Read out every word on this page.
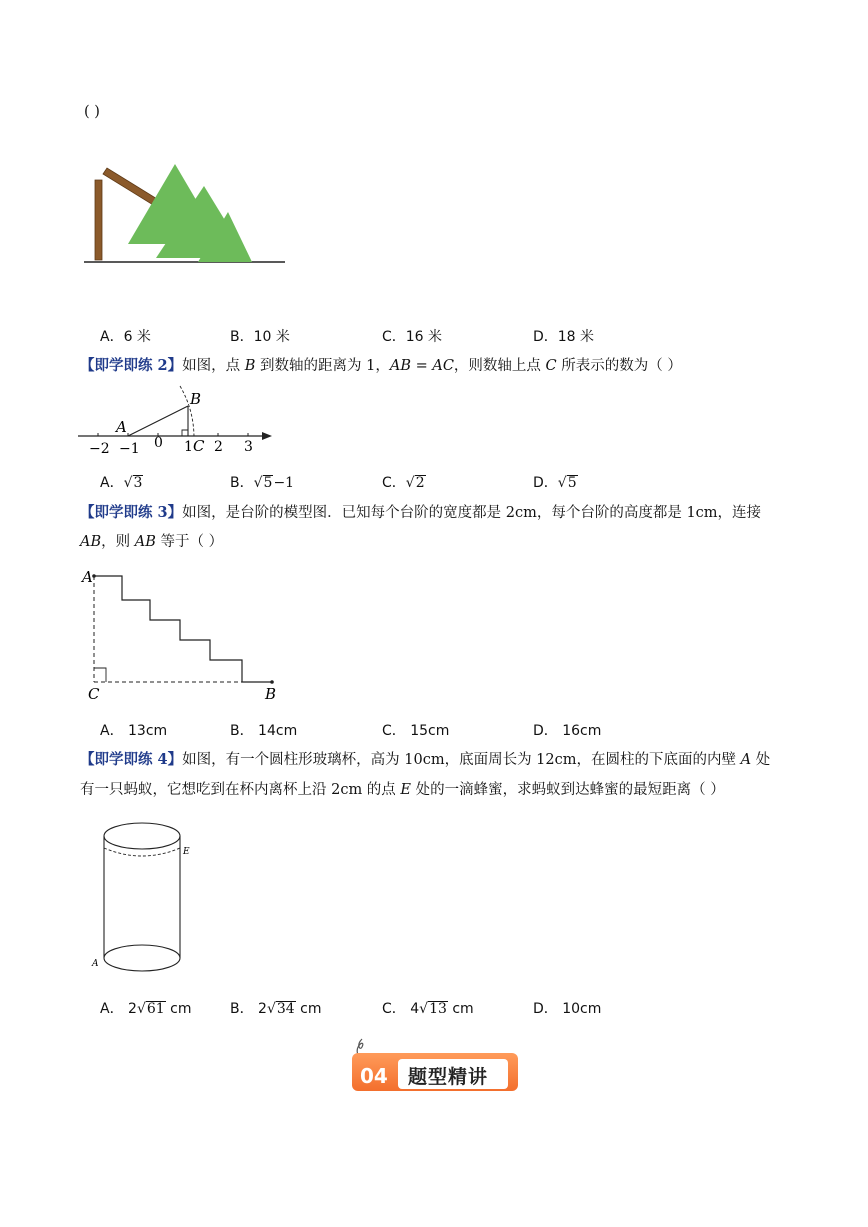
( )
A．6 米	B．10 米	C．16 米	D．18 米
【即学即练 2】如图，点 B 到数轴的距离为 1，AB = AC，则数轴上点 C 所表示的数为（ ）
A
B
C
−2 −1 0 1 2 3
A．√3	B．√5−1	C．√2	D．√5
【即学即练 3】如图，是台阶的模型图．已知每个台阶的宽度都是 2cm，每个台阶的高度都是 1cm，连接
AB，则 AB 等于（ ）
A
C	B
A． 13cm	B． 14cm	C． 15cm	D． 16cm
【即学即练 4】如图，有一个圆柱形玻璃杯，高为 10cm，底面周长为 12cm，在圆柱的下底面的内壁 A 处
有一只蚂蚁，它想吃到在杯内离杯上沿 2cm 的点 E 处的一滴蜂蜜，求蚂蚁到达蜂蜜的最短距离（ ）
E
A
A． 2√61 cm	B． 2√34 cm	C． 4√13 cm	D． 10cm
04 题型精讲
